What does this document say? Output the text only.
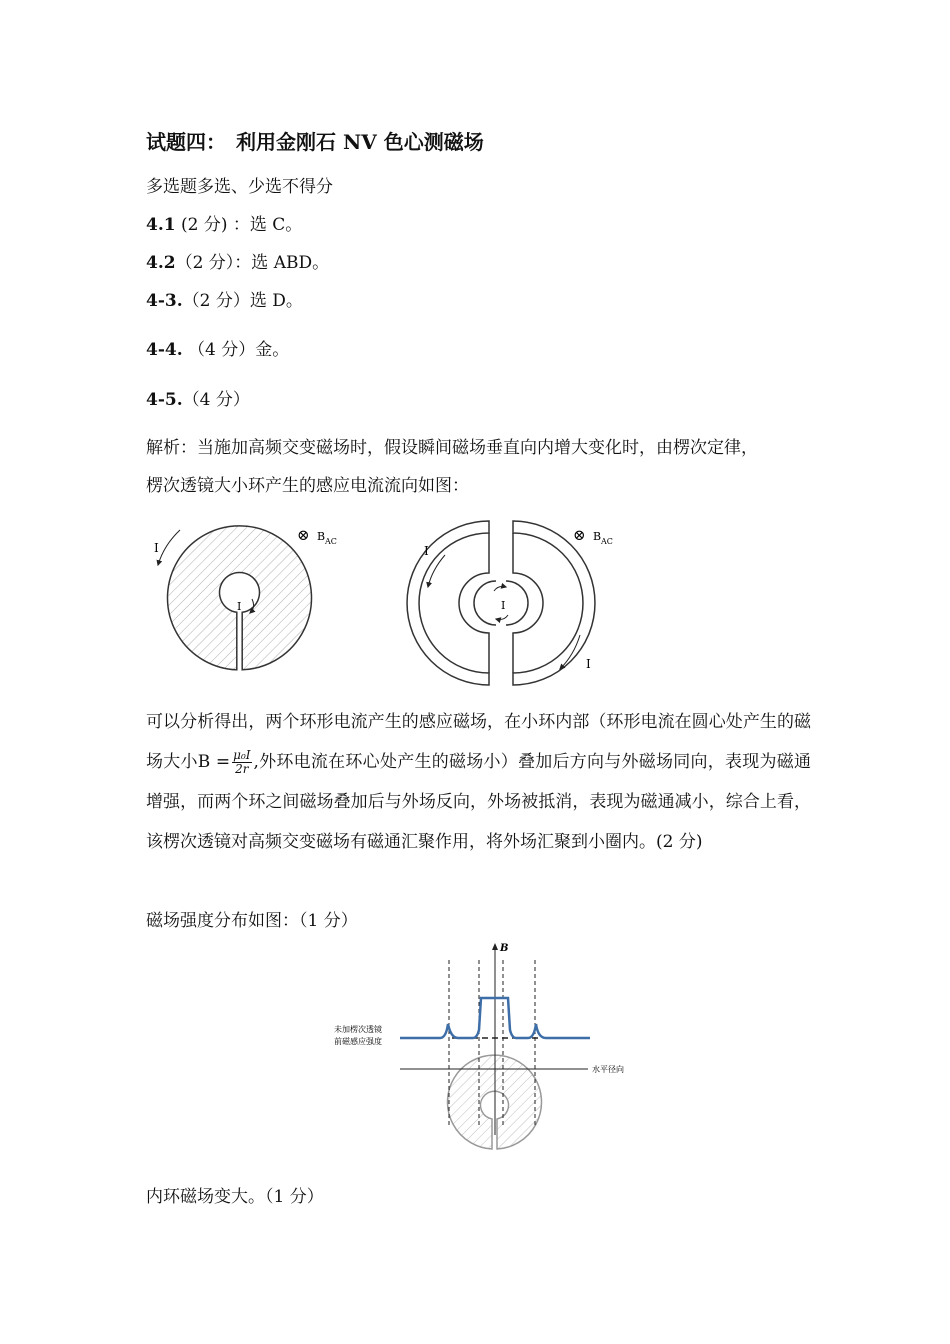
试题四：　利用金刚石 NV 色心测磁场
多选题多选、少选不得分
4.1 (2 分) ：选 C。
4.2（2 分）：选 ABD。
4-3.（2 分）选 D。
4-4. （4 分）金。
4-5.（4 分）
解析：当施加高频交变磁场时，假设瞬间磁场垂直向内增大变化时，由楞次定律，
楞次透镜大小环产生的感应电流流向如图：
I
I
⊗ B AC
I
I
I
⊗ B AC
可以分析得出，两个环形电流产生的感应磁场，在小环内部（环形电流在圆心处产生的磁场大小$B = \frac{\text{μ₀I}}{2r}$ ,外环电流在环心处产生的磁场小）叠加后方向与外磁场同向，表现为磁通增强，而两个环之间磁场叠加后与外场反向，外场被抵消，表现为磁通减小，综合上看，该楞次透镜对高频交变磁场有磁通汇聚作用，将外场汇聚到小圈内。(2 分)
磁场强度分布如图：（1 分）
B
水平径向
未加楞次透镜
前磁感应强度
内环磁场变大。（1 分）
